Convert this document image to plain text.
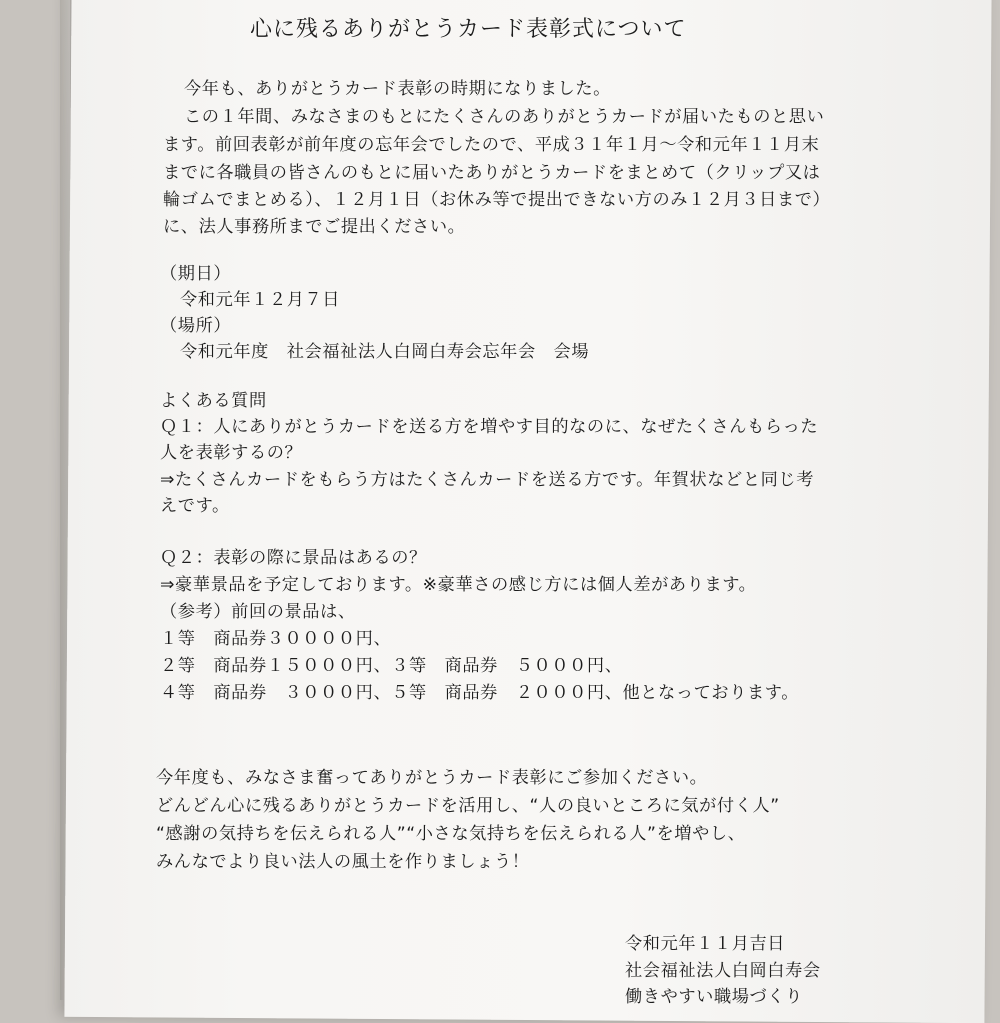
心に残るありがとうカード表彰式について
今年も、ありがとうカード表彰の時期になりました。
この１年間、みなさまのもとにたくさんのありがとうカードが届いたものと思い
ます。前回表彰が前年度の忘年会でしたので、平成３１年１月～令和元年１１月末
までに各職員の皆さんのもとに届いたありがとうカードをまとめて（クリップ又は
輪ゴムでまとめる）、１２月１日（お休み等で提出できない方のみ１２月３日まで）
に、法人事務所までご提出ください。
（期日）
令和元年１２月７日
（場所）
令和元年度　社会福祉法人白岡白寿会忘年会　会場
よくある質問
Ｑ１：人にありがとうカードを送る方を増やす目的なのに、なぜたくさんもらった
人を表彰するの？
⇒たくさんカードをもらう方はたくさんカードを送る方です。年賀状などと同じ考
えです。
Ｑ２：表彰の際に景品はあるの？
⇒豪華景品を予定しております。※豪華さの感じ方には個人差があります。
（参考）前回の景品は、
１等　商品券３００００円、
２等　商品券１５０００円、３等　商品券　５０００円、
４等　商品券　３０００円、５等　商品券　２０００円、他となっております。
今年度も、みなさま奮ってありがとうカード表彰にご参加ください。
どんどん心に残るありがとうカードを活用し、“人の良いところに気が付く人”
“感謝の気持ちを伝えられる人”“小さな気持ちを伝えられる人”を増やし、
みんなでより良い法人の風土を作りましょう！
令和元年１１月吉日
社会福祉法人白岡白寿会
働きやすい職場づくり
